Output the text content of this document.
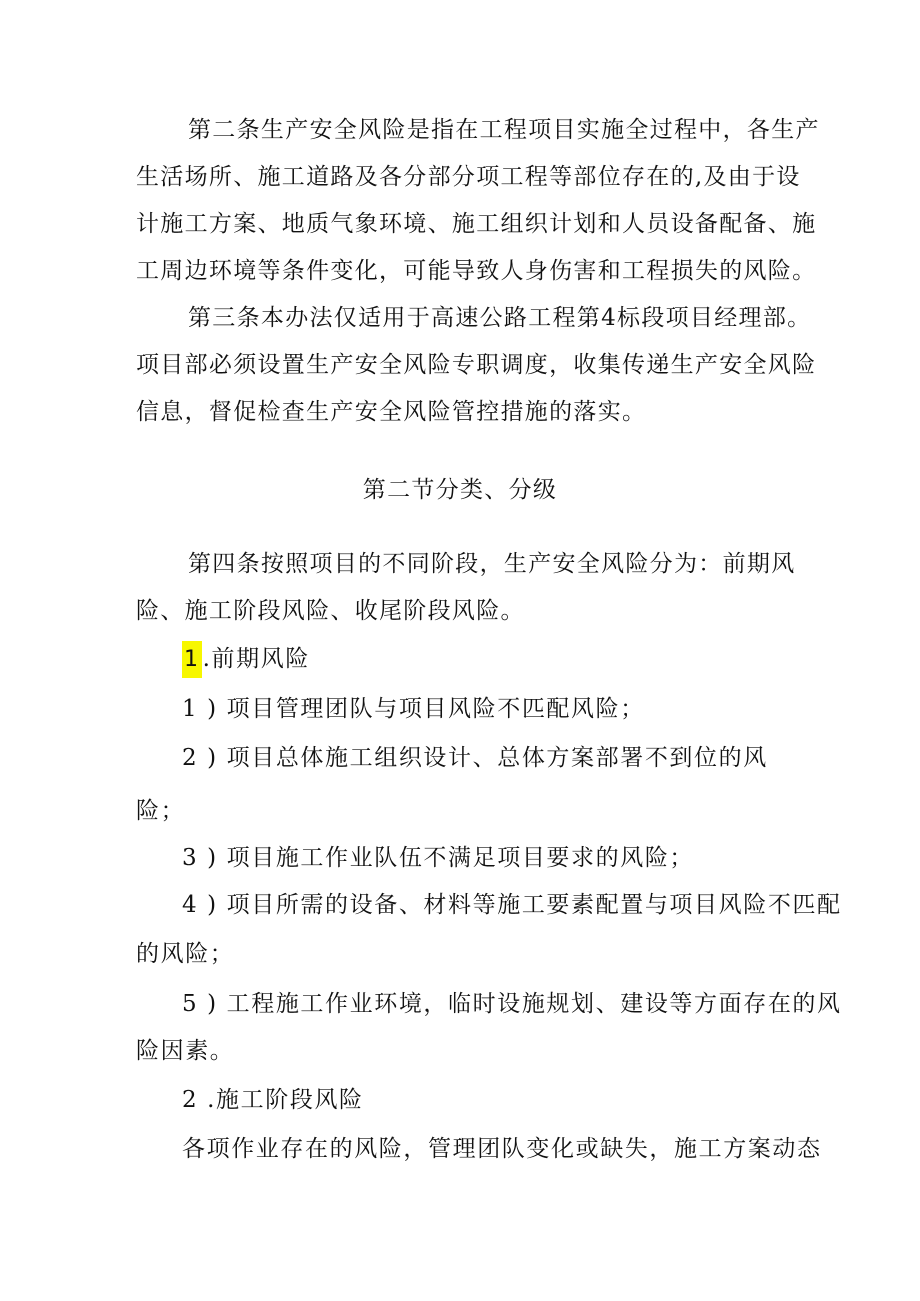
第二条生产安全风险是指在工程项目实施全过程中，各生产
生活场所、施工道路及各分部分项工程等部位存在的,及由于设
计施工方案、地质气象环境、施工组织计划和人员设备配备、施
工周边环境等条件变化，可能导致人身伤害和工程损失的风险。
第三条本办法仅适用于高速公路工程第4标段项目经理部。
项目部必须设置生产安全风险专职调度，收集传递生产安全风险
信息，督促检查生产安全风险管控措施的落实。
第二节分类、分级
第四条按照项目的不同阶段，生产安全风险分为：前期风
险、施工阶段风险、收尾阶段风险。
1 .前期风险
1 ) 项目管理团队与项目风险不匹配风险；
2 ) 项目总体施工组织设计、总体方案部署不到位的风
险；
3 ) 项目施工作业队伍不满足项目要求的风险；
4 ) 项目所需的设备、材料等施工要素配置与项目风险不匹配
的风险；
5 ) 工程施工作业环境，临时设施规划、建设等方面存在的风
险因素。
2 .施工阶段风险
各项作业存在的风险，管理团队变化或缺失，施工方案动态
